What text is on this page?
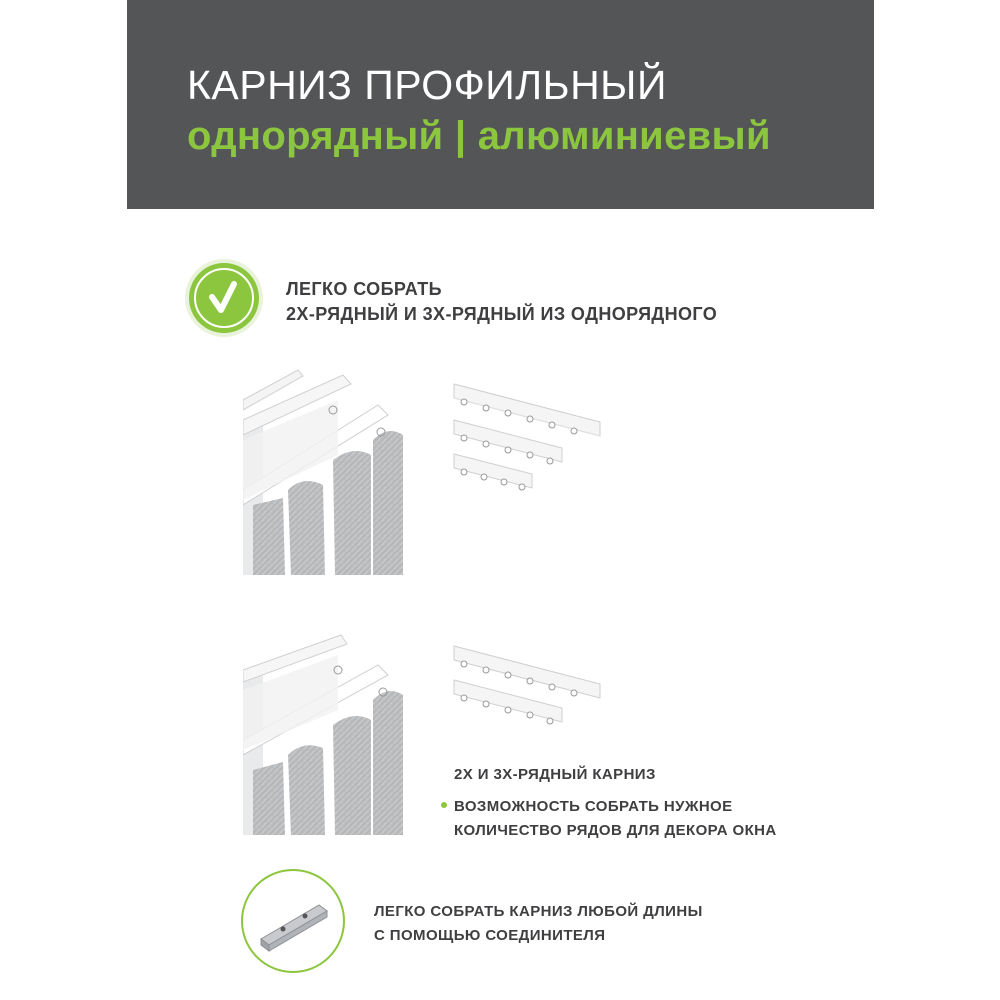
КАРНИЗ ПРОФИЛЬНЫЙ
однорядный | алюминиевый

ЛЕГКО СОБРАТЬ
2Х-РЯДНЫЙ И 3Х-РЯДНЫЙ ИЗ ОДНОРЯДНОГО

2Х И 3Х-РЯДНЫЙ КАРНИЗ

ВОЗМОЖНОСТЬ СОБРАТЬ НУЖНОЕ
КОЛИЧЕСТВО РЯДОВ ДЛЯ ДЕКОРА ОКНА

ЛЕГКО СОБРАТЬ КАРНИЗ ЛЮБОЙ ДЛИНЫ
С ПОМОЩЬЮ СОЕДИНИТЕЛЯ
